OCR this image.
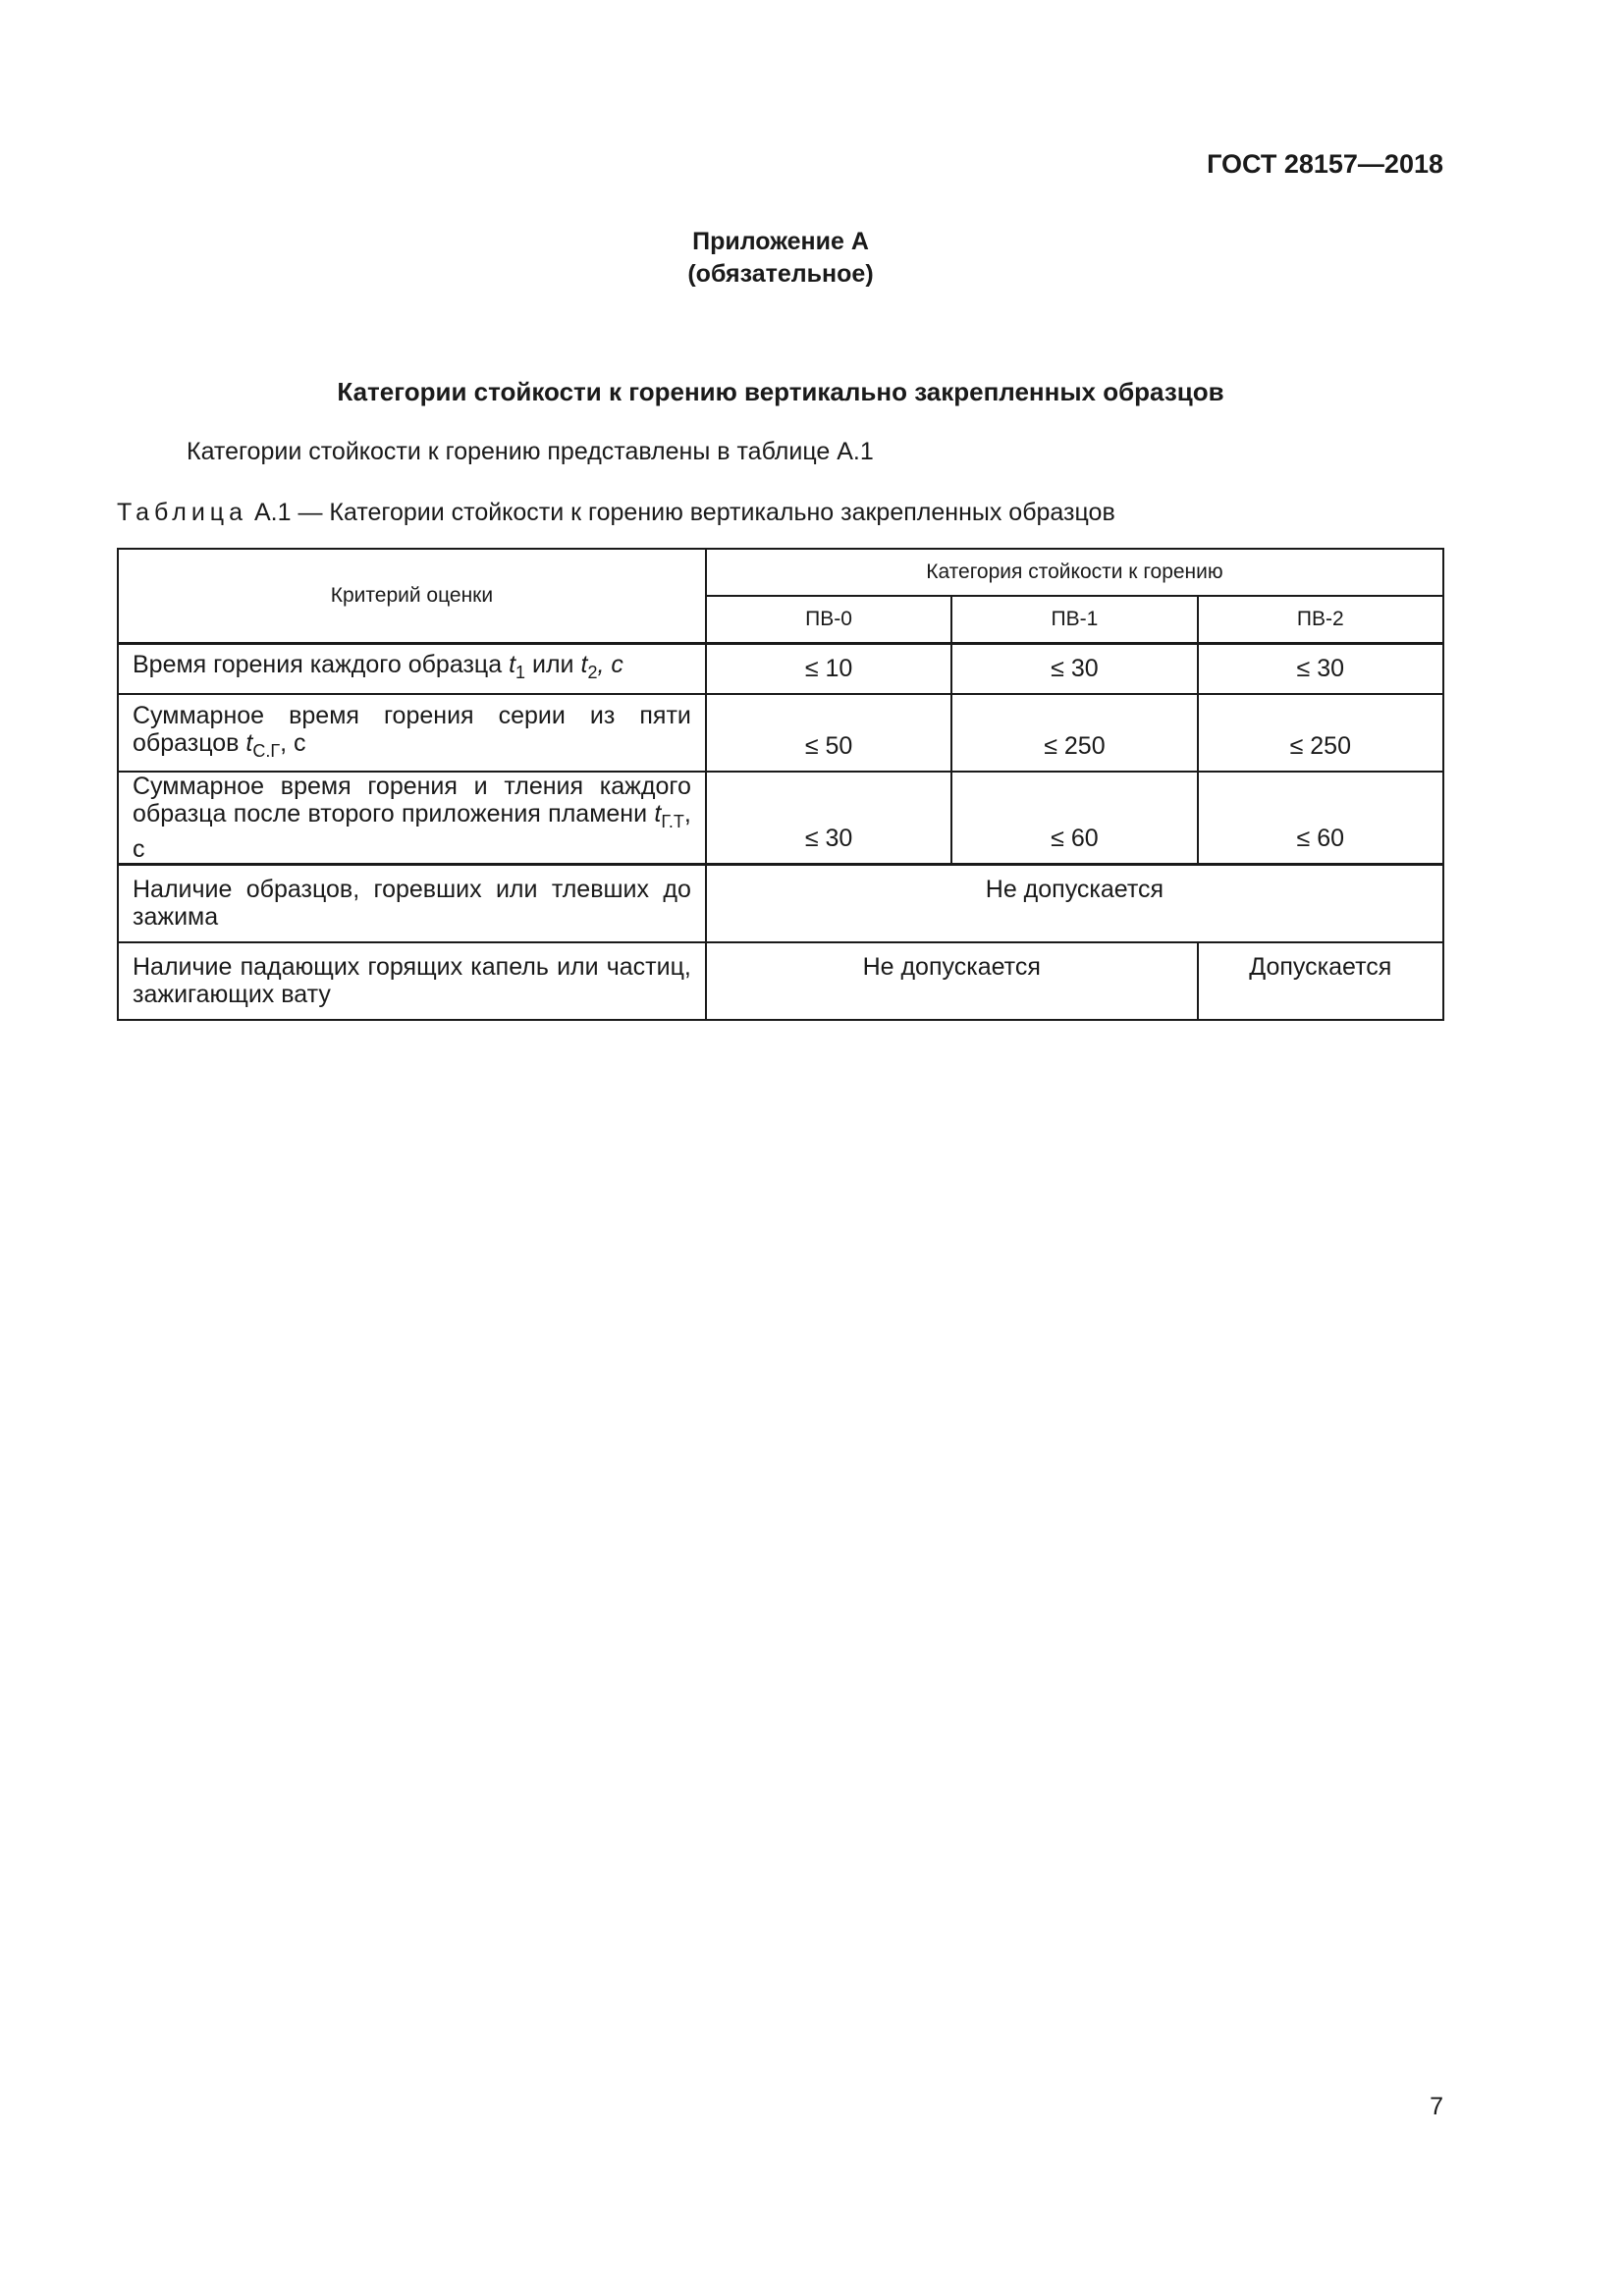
ГОСТ 28157—2018
Приложение А
(обязательное)
Категории стойкости к горению вертикально закрепленных образцов
Категории стойкости к горению представлены в таблице А.1
Таблица А.1 — Категории стойкости к горению вертикально закрепленных образцов
Критерий оценки	Категория стойкости к горению		
	ПВ-0	ПВ-1	ПВ-2
Время горения каждого образца $t_1$ или $t_2$, с	≤ 10	≤ 30	≤ 30
Суммарное время горения серии из пяти образцов $t_{С.Г}$, с	≤ 50	≤ 250	≤ 250
Суммарное время горения и тления каждого образца после второго приложения пламени $t_{Г.Т}$, с	≤ 30	≤ 60	≤ 60
Наличие образцов, горевших или тлевших до зажима	Не допускается		
Наличие падающих горящих капель или частиц, зажигающих вату	Не допускается		Допускается
7
